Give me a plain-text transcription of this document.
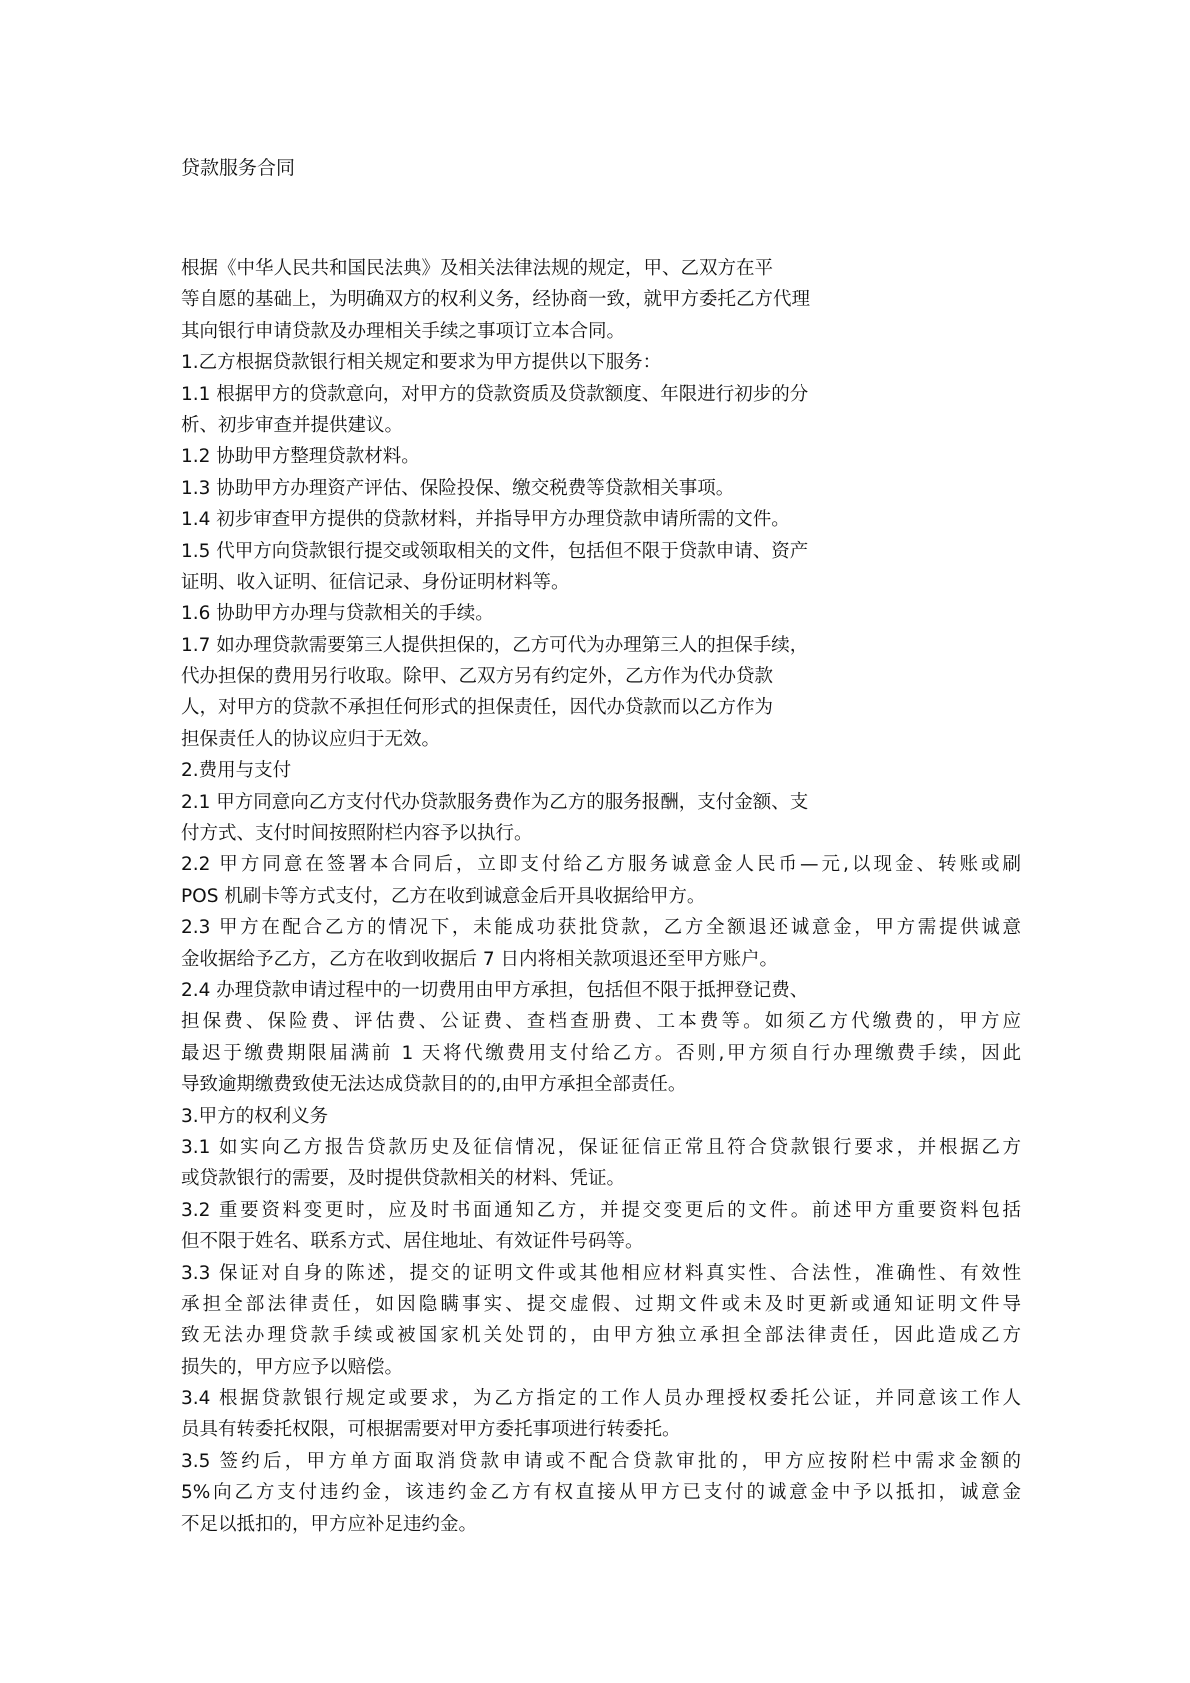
贷款服务合同
根据《中华人民共和国民法典》及相关法律法规的规定，甲、乙双方在平
等自愿的基础上，为明确双方的权利义务，经协商一致，就甲方委托乙方代理
其向银行申请贷款及办理相关手续之事项订立本合同。
1.乙方根据贷款银行相关规定和要求为甲方提供以下服务：
1.1 根据甲方的贷款意向，对甲方的贷款资质及贷款额度、年限进行初步的分
析、初步审查并提供建议。
1.2 协助甲方整理贷款材料。
1.3 协助甲方办理资产评估、保险投保、缴交税费等贷款相关事项。
1.4 初步审查甲方提供的贷款材料，并指导甲方办理贷款申请所需的文件。
1.5 代甲方向贷款银行提交或领取相关的文件，包括但不限于贷款申请、资产
证明、收入证明、征信记录、身份证明材料等。
1.6 协助甲方办理与贷款相关的手续。
1.7 如办理贷款需要第三人提供担保的，乙方可代为办理第三人的担保手续，
代办担保的费用另行收取。除甲、乙双方另有约定外，乙方作为代办贷款
人，对甲方的贷款不承担任何形式的担保责任，因代办贷款而以乙方作为
担保责任人的协议应归于无效。
2.费用与支付
2.1 甲方同意向乙方支付代办贷款服务费作为乙方的服务报酬，支付金额、支
付方式、支付时间按照附栏内容予以执行。
2.2 甲方同意在签署本合同后，立即支付给乙方服务诚意金人民币—元,以现金、转账或刷
POS 机刷卡等方式支付，乙方在收到诚意金后开具收据给甲方。
2.3 甲方在配合乙方的情况下，未能成功获批贷款，乙方全额退还诚意金，甲方需提供诚意
金收据给予乙方，乙方在收到收据后 7 日内将相关款项退还至甲方账户。
2.4 办理贷款申请过程中的一切费用由甲方承担，包括但不限于抵押登记费、
担保费、保险费、评估费、公证费、查档查册费、工本费等。如须乙方代缴费的，甲方应
最迟于缴费期限届满前 1 天将代缴费用支付给乙方。否则,甲方须自行办理缴费手续，因此
导致逾期缴费致使无法达成贷款目的的,由甲方承担全部责任。
3.甲方的权利义务
3.1 如实向乙方报告贷款历史及征信情况，保证征信正常且符合贷款银行要求，并根据乙方
或贷款银行的需要，及时提供贷款相关的材料、凭证。
3.2 重要资料变更时，应及时书面通知乙方，并提交变更后的文件。前述甲方重要资料包括
但不限于姓名、联系方式、居住地址、有效证件号码等。
3.3 保证对自身的陈述，提交的证明文件或其他相应材料真实性、合法性，准确性、有效性
承担全部法律责任，如因隐瞒事实、提交虚假、过期文件或未及时更新或通知证明文件导
致无法办理贷款手续或被国家机关处罚的，由甲方独立承担全部法律责任，因此造成乙方
损失的，甲方应予以赔偿。
3.4 根据贷款银行规定或要求，为乙方指定的工作人员办理授权委托公证，并同意该工作人
员具有转委托权限，可根据需要对甲方委托事项进行转委托。
3.5 签约后，甲方单方面取消贷款申请或不配合贷款审批的，甲方应按附栏中需求金额的
5%向乙方支付违约金，该违约金乙方有权直接从甲方已支付的诚意金中予以抵扣，诚意金
不足以抵扣的，甲方应补足违约金。
